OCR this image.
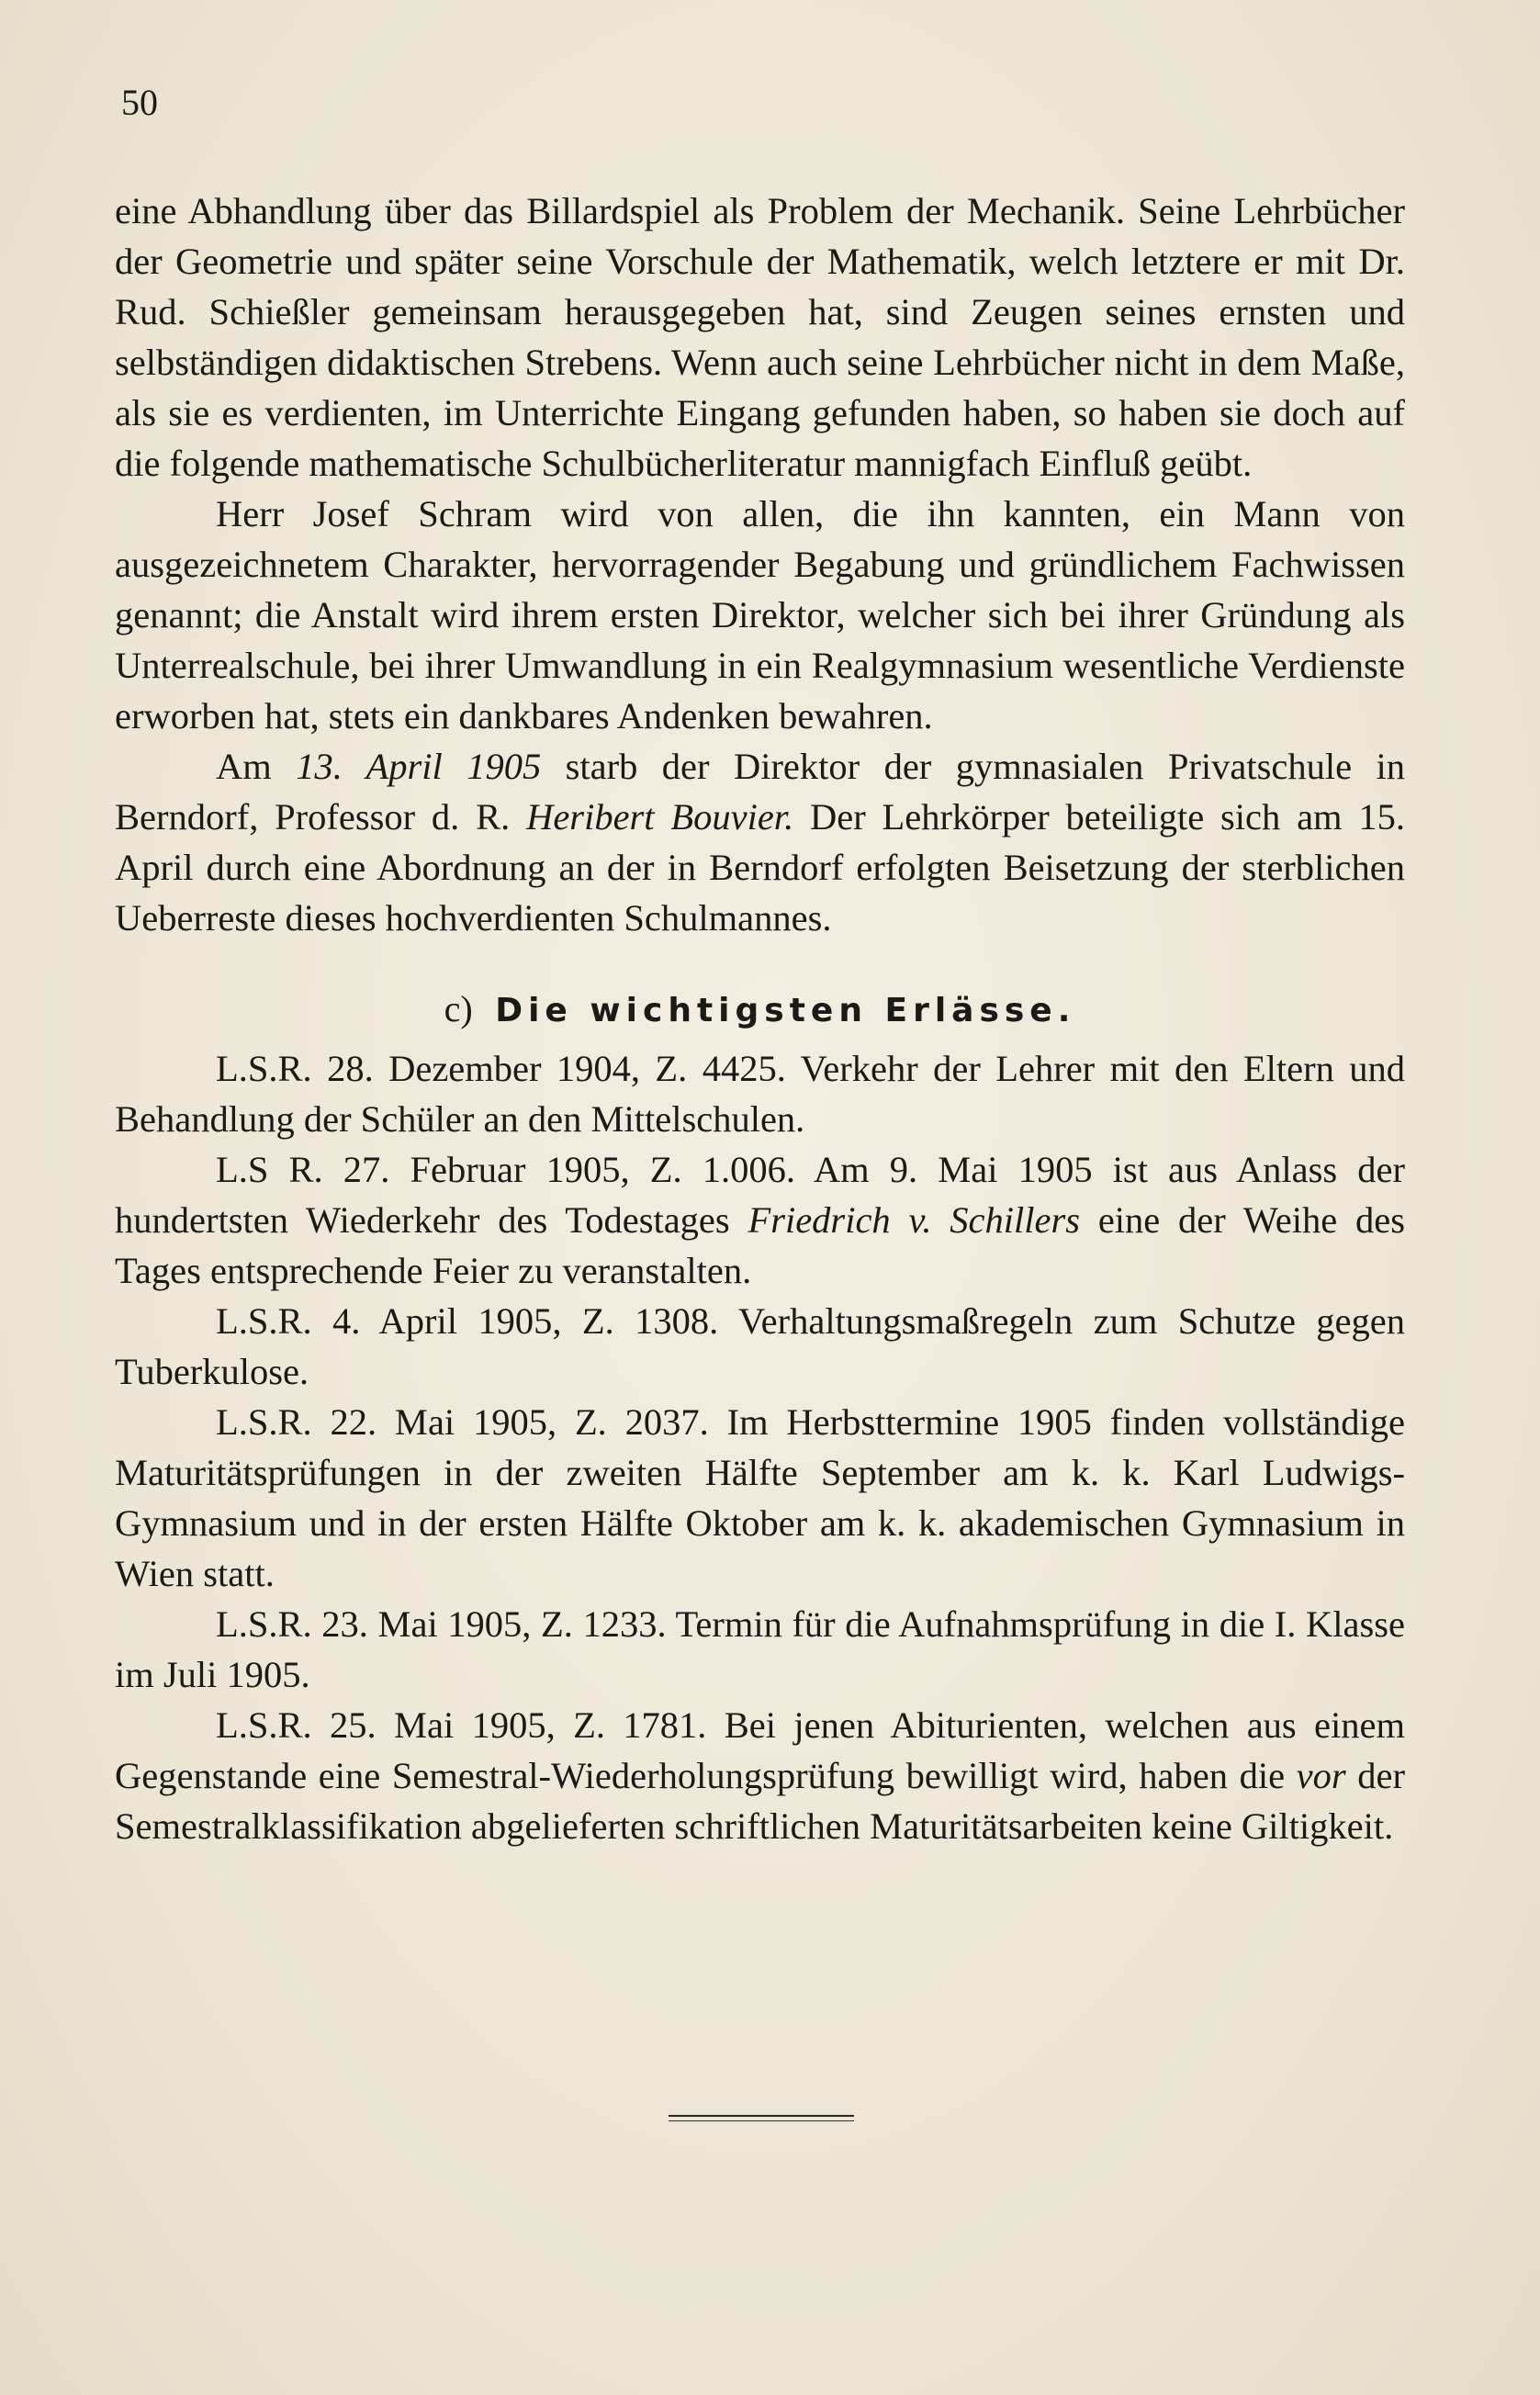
50

eine Abhandlung über das Billardspiel als Problem der Mechanik. Seine Lehrbücher der Geometrie und später seine Vorschule der Mathematik, welch letztere er mit Dr. Rud. Schießler gemeinsam herausgegeben hat, sind Zeugen seines ernsten und selbständigen didaktischen Strebens. Wenn auch seine Lehrbücher nicht in dem Maße, als sie es verdienten, im Unterrichte Eingang gefunden haben, so haben sie doch auf die folgende mathematische Schulbücherliteratur mannigfach Einfluß geübt.

Herr Josef Schram wird von allen, die ihn kannten, ein Mann von ausgezeichnetem Charakter, hervorragender Begabung und gründlichem Fachwissen genannt; die Anstalt wird ihrem ersten Direktor, welcher sich bei ihrer Gründung als Unterrealschule, bei ihrer Umwandlung in ein Realgymnasium wesentliche Verdienste erworben hat, stets ein dankbares Andenken bewahren.

Am 13. April 1905 starb der Direktor der gymnasialen Privatschule in Berndorf, Professor d. R. Heribert Bouvier. Der Lehrkörper beteiligte sich am 15. April durch eine Abordnung an der in Berndorf erfolgten Beisetzung der sterblichen Ueberreste dieses hochverdienten Schulmannes.

c) Die wichtigsten Erlässe.

L.S.R. 28. Dezember 1904, Z. 4425. Verkehr der Lehrer mit den Eltern und Behandlung der Schüler an den Mittelschulen.

L.S R. 27. Februar 1905, Z. 1.006. Am 9. Mai 1905 ist aus Anlass der hundertsten Wiederkehr des Todestages Friedrich v. Schillers eine der Weihe des Tages entsprechende Feier zu veranstalten.

L.S.R. 4. April 1905, Z. 1308. Verhaltungsmaßregeln zum Schutze gegen Tuberkulose.

L.S.R. 22. Mai 1905, Z. 2037. Im Herbsttermine 1905 finden vollständige Maturitätsprüfungen in der zweiten Hälfte September am k. k. Karl Ludwigs-Gymnasium und in der ersten Hälfte Oktober am k. k. akademischen Gymnasium in Wien statt.

L.S.R. 23. Mai 1905, Z. 1233. Termin für die Aufnahmsprüfung in die I. Klasse im Juli 1905.

L.S.R. 25. Mai 1905, Z. 1781. Bei jenen Abiturienten, welchen aus einem Gegenstande eine Semestral-Wiederholungsprüfung bewilligt wird, haben die vor der Semestralklassifikation abgelieferten schriftlichen Maturitätsarbeiten keine Giltigkeit.
